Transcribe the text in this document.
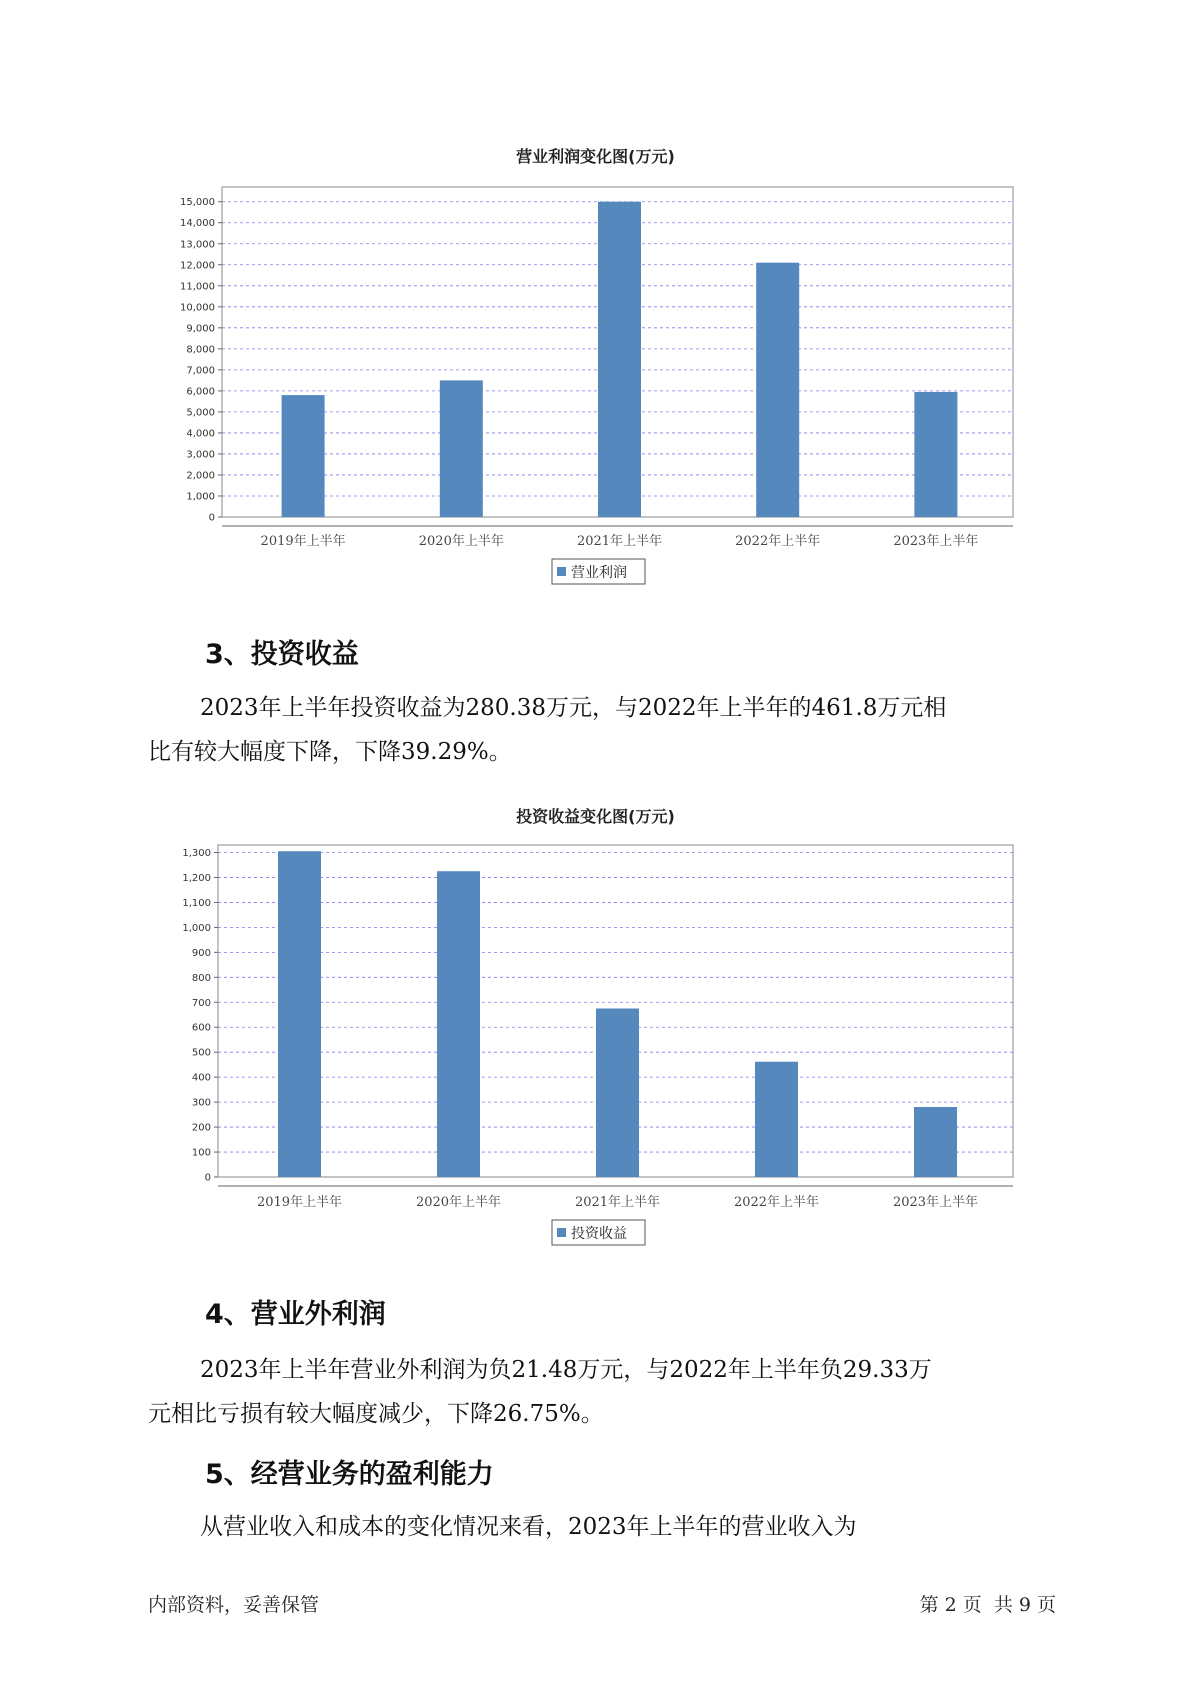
营业利润变化图(万元)
0
1,000
2,000
3,000
4,000
5,000
6,000
7,000
8,000
9,000
10,000
11,000
12,000
13,000
14,000
15,000
2019年上半年	2020年上半年	2021年上半年	2022年上半年	2023年上半年
营业利润
3、投资收益

2023年上半年投资收益为280.38万元，与2022年上半年的461.8万元相
比有较大幅度下降，下降39.29%。

投资收益变化图(万元)
0
100
200
300
400
500
600
700
800
900
1,000
1,100
1,200
1,300
2019年上半年	2020年上半年	2021年上半年	2022年上半年	2023年上半年
投资收益
4、营业外利润

2023年上半年营业外利润为负21.48万元，与2022年上半年负29.33万
元相比亏损有较大幅度减少，下降26.75%。

5、经营业务的盈利能力

从营业收入和成本的变化情况来看，2023年上半年的营业收入为

内部资料，妥善保管	第 2 页  共 9 页
